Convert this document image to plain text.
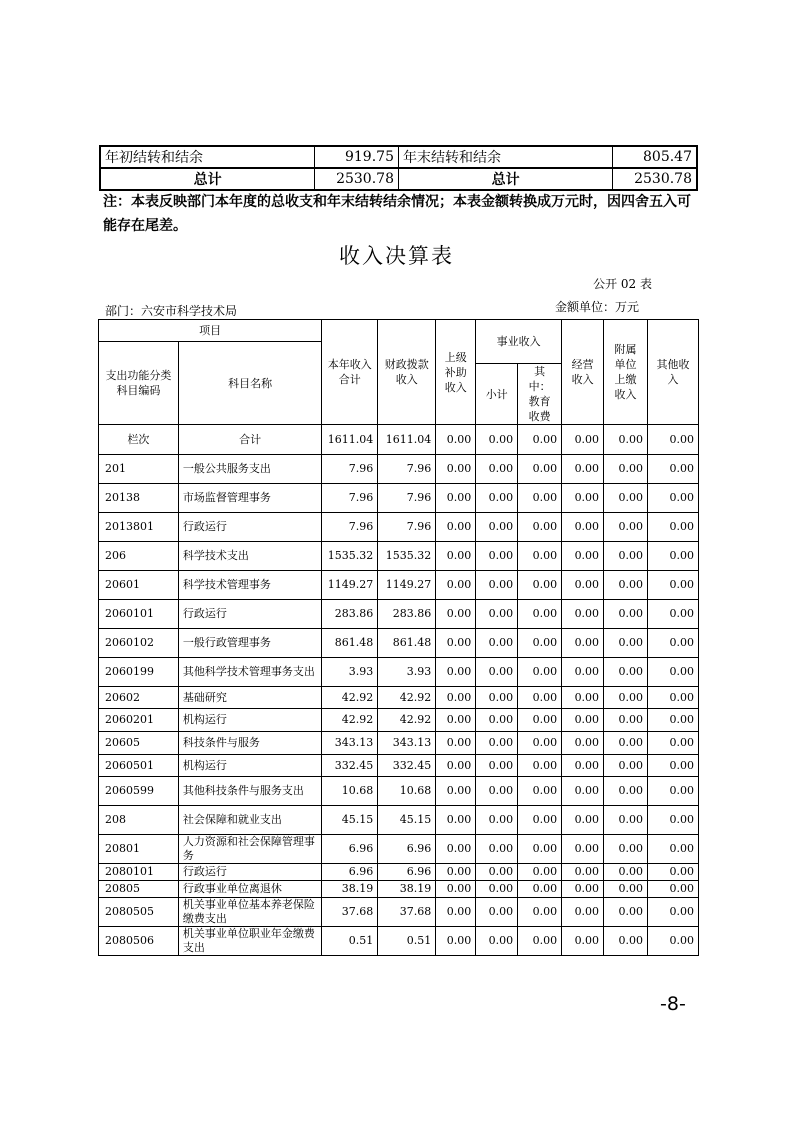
年初结转和结余	919.75	年末结转和结余	805.47
总计	2530.78	总计	2530.78
注：本表反映部门本年度的总收支和年末结转结余情况；本表金额转换成万元时，因四舍五入可能存在尾差。
收入决算表
公开 02 表
部门：六安市科学技术局	金额单位：万元
项目		本年收入合计	财政拨款收入	上级补助收入	事业收入		经营收入	附属单位上缴收入	其他收入
支出功能分类科目编码	科目名称								
					小计	其中：教育收费			
栏次	合计	1611.04	1611.04	0.00	0.00	0.00	0.00	0.00	0.00
201	一般公共服务支出	7.96	7.96	0.00	0.00	0.00	0.00	0.00	0.00
20138	市场监督管理事务	7.96	7.96	0.00	0.00	0.00	0.00	0.00	0.00
2013801	行政运行	7.96	7.96	0.00	0.00	0.00	0.00	0.00	0.00
206	科学技术支出	1535.32	1535.32	0.00	0.00	0.00	0.00	0.00	0.00
20601	科学技术管理事务	1149.27	1149.27	0.00	0.00	0.00	0.00	0.00	0.00
2060101	行政运行	283.86	283.86	0.00	0.00	0.00	0.00	0.00	0.00
2060102	一般行政管理事务	861.48	861.48	0.00	0.00	0.00	0.00	0.00	0.00
2060199	其他科学技术管理事务支出	3.93	3.93	0.00	0.00	0.00	0.00	0.00	0.00
20602	基础研究	42.92	42.92	0.00	0.00	0.00	0.00	0.00	0.00
2060201	机构运行	42.92	42.92	0.00	0.00	0.00	0.00	0.00	0.00
20605	科技条件与服务	343.13	343.13	0.00	0.00	0.00	0.00	0.00	0.00
2060501	机构运行	332.45	332.45	0.00	0.00	0.00	0.00	0.00	0.00
2060599	其他科技条件与服务支出	10.68	10.68	0.00	0.00	0.00	0.00	0.00	0.00
208	社会保障和就业支出	45.15	45.15	0.00	0.00	0.00	0.00	0.00	0.00
20801	人力资源和社会保障管理事务	6.96	6.96	0.00	0.00	0.00	0.00	0.00	0.00
2080101	行政运行	6.96	6.96	0.00	0.00	0.00	0.00	0.00	0.00
20805	行政事业单位离退休	38.19	38.19	0.00	0.00	0.00	0.00	0.00	0.00
2080505	机关事业单位基本养老保险缴费支出	37.68	37.68	0.00	0.00	0.00	0.00	0.00	0.00
2080506	机关事业单位职业年金缴费支出	0.51	0.51	0.00	0.00	0.00	0.00	0.00	0.00
-8-
